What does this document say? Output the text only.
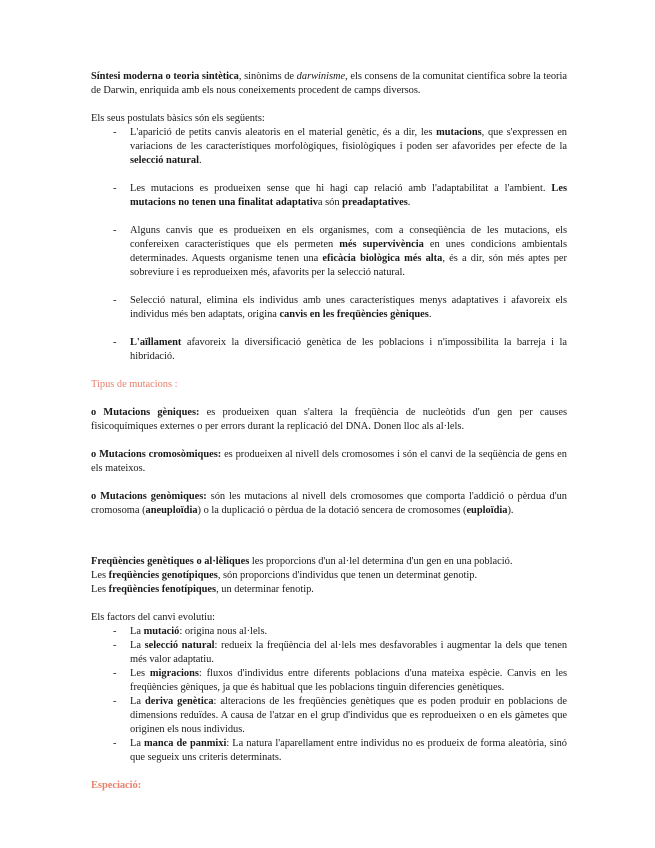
Síntesi moderna o teoria sintètica, sinònims de darwinisme, els consens de la comunitat científica sobre la teoria de Darwin, enriquida amb els nous coneixements procedent de camps diversos.

Els seus postulats bàsics són els següents:

- L'aparició de petits canvis aleatoris en el material genètic, és a dir, les mutacions, que s'expressen en variacions de les característiques morfològiques, fisiològiques i poden ser afavorides per efecte de la selecció natural.
- Les mutacions es produeixen sense que hi hagi cap relació amb l'adaptabilitat a l'ambient. Les mutacions no tenen una finalitat adaptativa són preadaptatives.
- Alguns canvis que es produeixen en els organismes, com a conseqüència de les mutacions, els confereixen característiques que els permeten més supervivència en unes condicions ambientals determinades. Aquests organisme tenen una eficàcia biològica més alta, és a dir, són més aptes per sobreviure i es reprodueixen més, afavorits per la selecció natural.
- Selecció natural, elimina els individus amb unes característiques menys adaptatives i afavoreix els individus més ben adaptats, origina canvis en les freqüències gèniques.
- L'aïllament afavoreix la diversificació genètica de les poblacions i n'impossibilita la barreja i la hibridació.

Tipus de mutacions :

o Mutacions gèniques: es produeixen quan s'altera la freqüència de nucleòtids d'un gen per causes fisicoquímiques externes o per errors durant la replicació del DNA. Donen lloc als al·lels.

o Mutacions cromosòmiques: es produeixen al nivell dels cromosomes i són el canvi de la seqüència de gens en els mateixos.

o Mutacions genòmiques: són les mutacions al nivell dels cromosomes que comporta l'addició o pèrdua d'un cromosoma (aneuploïdia) o la duplicació o pèrdua de la dotació sencera de cromosomes (euploïdia).

Freqüències genètiques o al·lèliques les proporcions d'un al·lel determina d'un gen en una població.

Les freqüències genotípiques, són proporcions d'individus que tenen un determinat genotip.

Les freqüències fenotípiques, un determinar fenotip.

Els factors del canvi evolutiu:

- La mutació: origina nous al·lels.
- La selecció natural: redueix la freqüència del al·lels mes desfavorables i augmentar la dels que tenen més valor adaptatiu.
- Les migracions: fluxos d'individus entre diferents poblacions d'una mateixa espècie. Canvis en les freqüències gèniques, ja que és habitual que les poblacions tinguin diferencies genètiques.
- La deriva genètica: alteracions de les freqüències genètiques que es poden produir en poblacions de dimensions reduïdes. A causa de l'atzar en el grup d'individus que es reprodueixen o en els gàmetes que originen els nous individus.
- La manca de panmixi: La natura l'aparellament entre individus no es produeix de forma aleatòria, sinó que segueix uns criteris determinats.

Especiació:
